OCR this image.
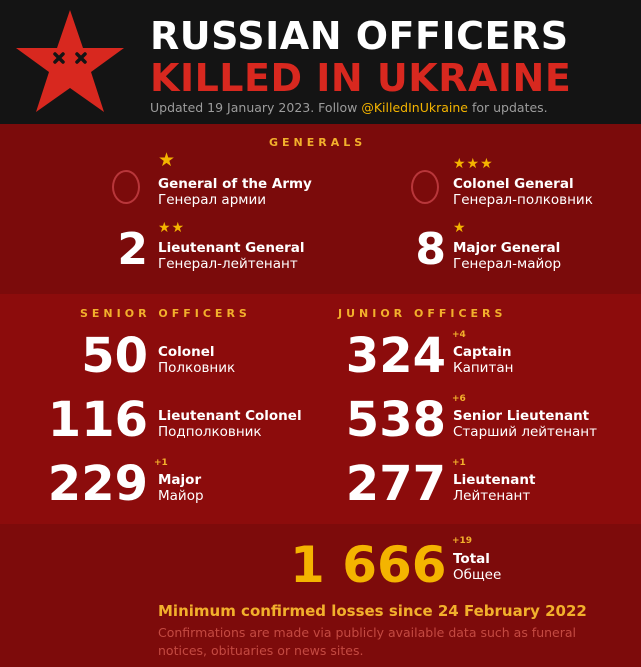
RUSSIAN OFFICERS
KILLED IN UKRAINE
Updated 19 January 2023. Follow @KilledInUkraine for updates.
GENERALS
★
General of the Army
Генерал армии
★★★
Colonel General
Генерал-полковник
2 ★★
Lieutenant General
Генерал-лейтенант	8 ★
Major General
Генерал-майор
SENIOR OFFICERS	JUNIOR OFFICERS
50 Colonel
Полковник
116 Lieutenant Colonel
Подполковник
229 +1
Major
Майор
324 +4
Captain
Капитан
538 +6
Senior Lieutenant
Старший лейтенант
277 +1
Lieutenant
Лейтенант
1 666 +19
Total
Общее
Minimum confirmed losses since 24 February 2022
Confirmations are made via publicly available data such as funeral notices, obituaries or news sites.
